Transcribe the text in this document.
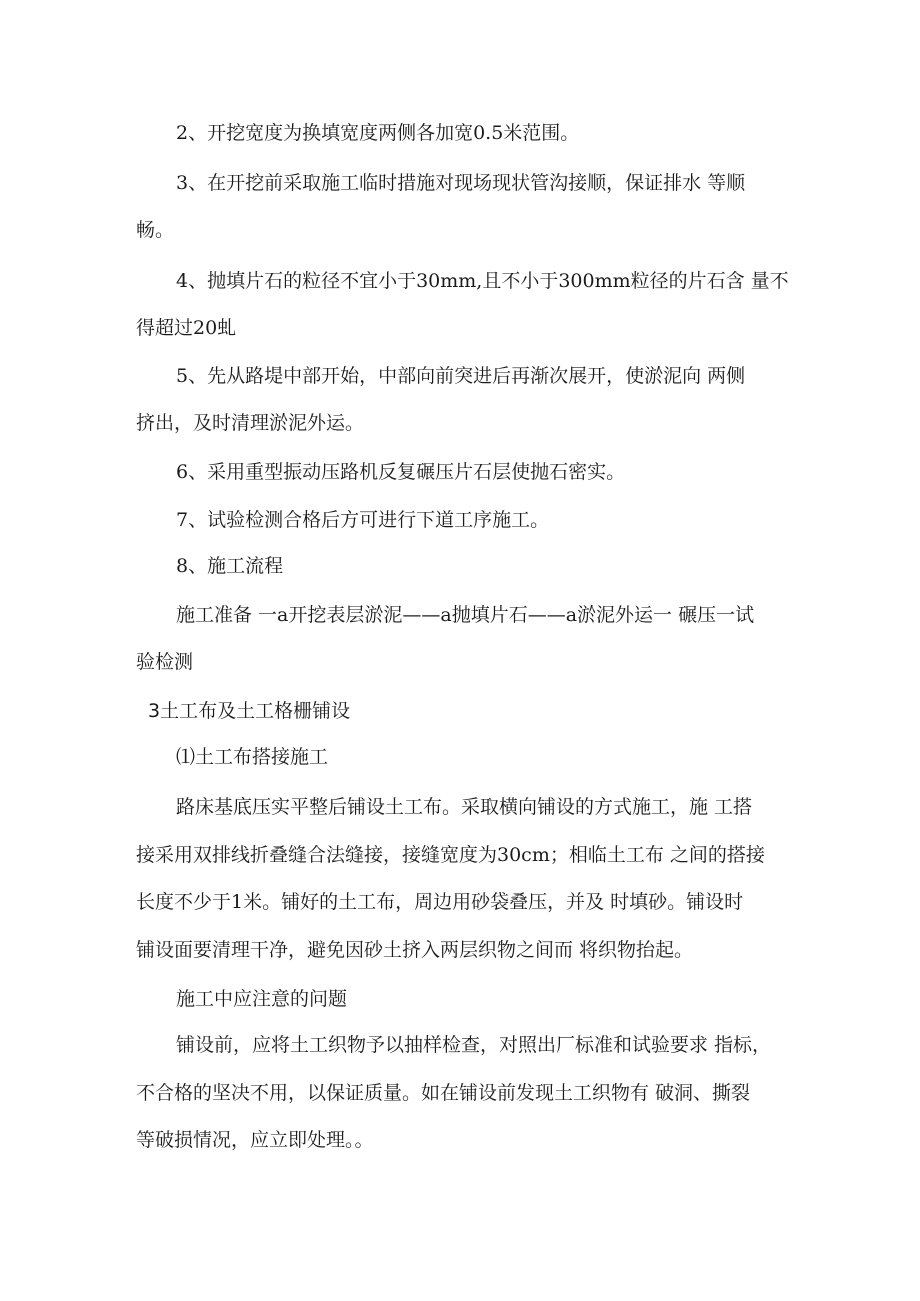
2、开挖宽度为换填宽度两侧各加宽0.5米范围。
3、在开挖前采取施工临时措施对现场现状管沟接顺，保证排水 等顺
畅。
4、抛填片石的粒径不宜小于30mm,且不小于300mm粒径的片石含 量不
得超过20虬
5、先从路堤中部开始，中部向前突进后再渐次展开，使淤泥向 两侧
挤出，及时清理淤泥外运。
6、采用重型振动压路机反复碾压片石层使抛石密实。
7、试验检测合格后方可进行下道工序施工。
8、施工流程
施工准备 一a开挖表层淤泥——a抛填片石——a淤泥外运一 碾压一试
验检测
3土工布及土工格栅铺设
⑴土工布搭接施工
路床基底压实平整后铺设土工布。采取横向铺设的方式施工，施 工搭
接采用双排线折叠缝合法缝接，接缝宽度为30cm；相临土工布 之间的搭接
长度不少于1米。铺好的土工布，周边用砂袋叠压，并及 时填砂。铺设时
铺设面要清理干净，避免因砂土挤入两层织物之间而 将织物抬起。
施工中应注意的问题
铺设前，应将土工织物予以抽样检查，对照出厂标准和试验要求 指标，
不合格的坚决不用，以保证质量。如在铺设前发现土工织物有 破洞、撕裂
等破损情况，应立即处理。。
